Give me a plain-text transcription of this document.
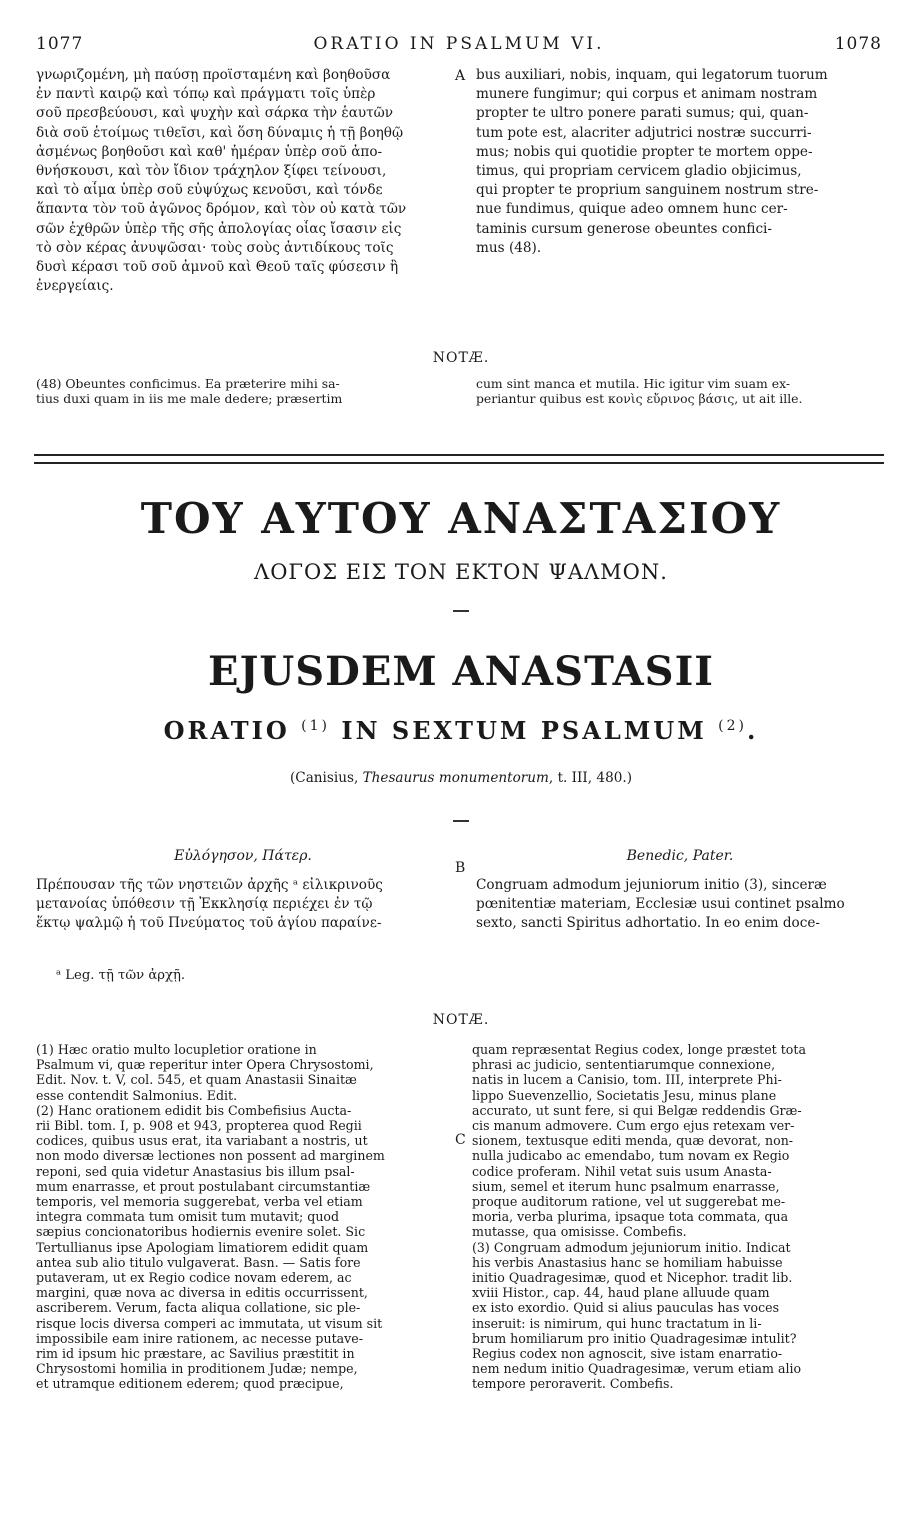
1077	ORATIO IN PSALMUM VI.	1078
γνωριζομένη, μὴ παύσῃ προϊσταμένη καὶ βοηθοῦσα
ἐν παντὶ καιρῷ καὶ τόπῳ καὶ πράγματι τοῖς ὑπὲρ
σοῦ πρεσβεύουσι, καὶ ψυχὴν καὶ σάρκα τὴν ἑαυτῶν
διὰ σοῦ ἑτοίμως τιθεῖσι, καὶ ὅση δύναμις ἡ τῇ βοηθῷ
ἀσμένως βοηθοῦσι καὶ καθ' ἡμέραν ὑπὲρ σοῦ ἀπο-
θνήσκουσι, καὶ τὸν ἴδιον τράχηλον ξίφει τείνουσι,
καὶ τὸ αἷμα ὑπὲρ σοῦ εὐψύχως κενοῦσι, καὶ τόνδε
ἅπαντα τὸν τοῦ ἀγῶνος δρόμον, καὶ τὸν οὐ κατὰ τῶν
σῶν ἐχθρῶν ὑπὲρ τῆς σῆς ἀπολογίας οἷας ἴσασιν εἰς
τὸ σὸν κέρας ἀνυψῶσαι· τοὺς σοὺς ἀντιδίκους τοῖς
δυσὶ κέρασι τοῦ σοῦ ἀμνοῦ καὶ Θεοῦ ταῖς φύσεσιν ἢ
ἐνεργείαις.
A bus auxiliari, nobis, inquam, qui legatorum tuorum
munere fungimur; qui corpus et animam nostram
propter te ultro ponere parati sumus; qui, quan-
tum pote est, alacriter adjutrici nostræ succurri-
mus; nobis qui quotidie propter te mortem oppe-
timus, qui propriam cervicem gladio objicimus,
qui propter te proprium sanguinem nostrum stre-
nue fundimus, quique adeo omnem hunc cer-
taminis cursum generose obeuntes confici-
mus (48).
NOTÆ.
(48) Obeuntes conficimus. Ea præterire mihi sa-
tius duxi quam in iis me male dedere; præsertim
cum sint manca et mutila. Hic igitur vim suam ex-
periantur quibus est κονὶς εὔρινος βάσις, ut ait ille.
ΤΟΥ ΑΥΤΟΥ ΑΝΑΣΤΑΣΙΟΥ
ΛΟΓΟΣ ΕΙΣ ΤΟΝ ΕΚΤΟΝ ΨΑΛΜΟΝ.
EJUSDEM ANASTASII
ORATIO $^{(1)}$ IN SEXTUM PSALMUM $^{(2)}$.
(Canisius, Thesaurus monumentorum, t. III, 480.)
Εὐλόγησον, Πάτερ.
B
Benedic, Pater.
Πρέπουσαν τῆς τῶν νηστειῶν ἀρχῆς ᵃ εἰλικρινοῦς
μετανοίας ὑπόθεσιν τῇ Ἐκκλησίᾳ περιέχει ἐν τῷ
ἕκτῳ ψαλμῷ ἡ τοῦ Πνεύματος τοῦ ἁγίου παραίνε-
Congruam admodum jejuniorum initio (3), sinceræ
pœnitentiæ materiam, Ecclesiæ usui continet psalmo
sexto, sancti Spiritus adhortatio. In eo enim doce-
ᵃ Leg. τῇ τῶν ἀρχῇ.
NOTÆ.
(1) Hæc oratio multo locupletior oratione in
Psalmum vi, quæ reperitur inter Opera Chrysostomi,
Edit. Nov. t. V, col. 545, et quam Anastasii Sinaitæ
esse contendit Salmonius. Edit.
(2) Hanc orationem edidit bis Combefisius Aucta-
rii Bibl. tom. I, p. 908 et 943, propterea quod Regii
codices, quibus usus erat, ita variabant a nostris, ut
non modo diversæ lectiones non possent ad marginem
reponi, sed quia videtur Anastasius bis illum psal-
mum enarrasse, et prout postulabant circumstantiæ
temporis, vel memoria suggerebat, verba vel etiam
integra commata tum omisit tum mutavit; quod
sæpius concionatoribus hodiernis evenire solet. Sic
Tertullianus ipse Apologiam limatiorem edidit quam
antea sub alio titulo vulgaverat. Basn. — Satis fore
putaveram, ut ex Regio codice novam ederem, ac
margini, quæ nova ac diversa in editis occurrissent,
ascriberem. Verum, facta aliqua collatione, sic ple-
risque locis diversa comperi ac immutata, ut visum sit
impossibile eam inire rationem, ac necesse putave-
rim id ipsum hic præstare, ac Savilius præstitit in
Chrysostomi homilia in proditionem Judæ; nempe,
et utramque editionem ederem; quod præcipue,
C
quam repræsentat Regius codex, longe præstet tota
phrasi ac judicio, sententiarumque connexione,
natis in lucem a Canisio, tom. III, interprete Phi-
lippo Suevenzellio, Societatis Jesu, minus plane
accurato, ut sunt fere, si qui Belgæ reddendis Græ-
cis manum admovere. Cum ergo ejus retexam ver-
sionem, textusque editi menda, quæ devorat, non-
nulla judicabo ac emendabo, tum novam ex Regio
codice proferam. Nihil vetat suis usum Anasta-
sium, semel et iterum hunc psalmum enarrasse,
proque auditorum ratione, vel ut suggerebat me-
moria, verba plurima, ipsaque tota commata, qua
mutasse, qua omisisse. Combefis.
(3) Congruam admodum jejuniorum initio. Indicat
his verbis Anastasius hanc se homiliam habuisse
initio Quadragesimæ, quod et Nicephor. tradit lib.
xviii Histor., cap. 44, haud plane alluude quam
ex isto exordio. Quid si alius pauculas has voces
inseruit: is nimirum, qui hunc tractatum in li-
brum homiliarum pro initio Quadragesimæ intulit?
Regius codex non agnoscit, sive istam enarratio-
nem nedum initio Quadragesimæ, verum etiam alio
tempore peroraverit. Combefis.
